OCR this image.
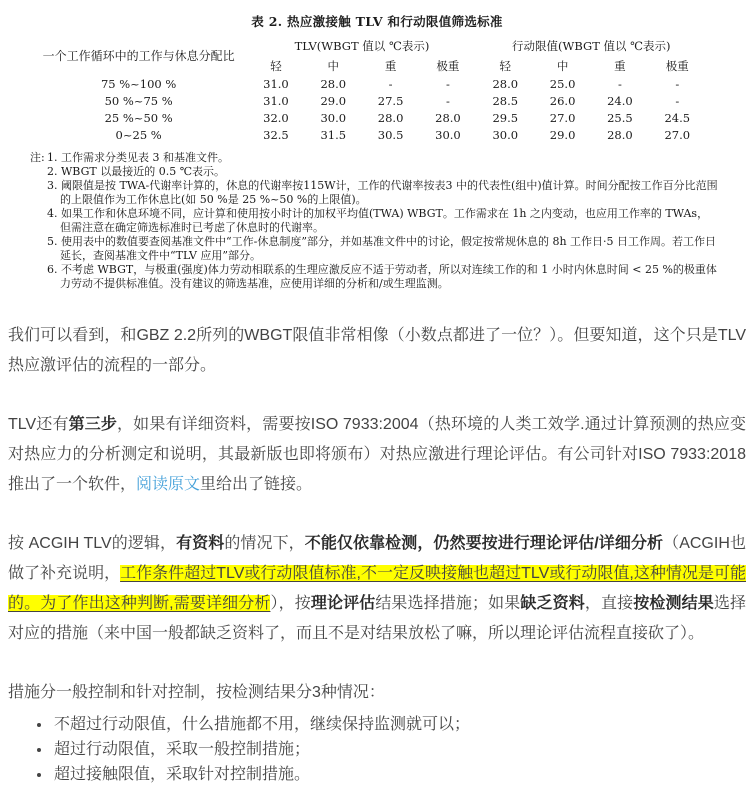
表 2. 热应激接触 TLV 和行动限值筛选标准
一个工作循环中的工作与休息分配比	TLV(WBGT 值以 ℃表示)				行动限值(WBGT 值以 ℃表示)			
	轻	中	重	极重	轻	中	重	极重
75 %~100 %	31.0	28.0	-	-	28.0	25.0	-	-
50 %~75 %	31.0	29.0	27.5	-	28.5	26.0	24.0	-
25 %~50 %	32.0	30.0	28.0	28.0	29.5	27.0	25.5	24.5
0~25 %	32.5	31.5	30.5	30.0	30.0	29.0	28.0	27.0
注: 1. 工作需求分类见表 3 和基准文件。
2. WBGT 以最接近的 0.5 ℃表示。
3. 阈限值是按 TWA-代谢率计算的，休息的代谢率按115W计，工作的代谢率按表3 中的代表性(组中)值计算。时间分配按工作百分比范围的上限值作为工作休息比(如 50 %是 25 %~50 %的上限值)。
4. 如果工作和休息环境不同，应计算和使用按小时计的加权平均值(TWA) WBGT。工作需求在 1h 之内变动，也应用工作率的 TWAs，但需注意在确定筛选标准时已考虑了休息时的代谢率。
5. 使用表中的数值要查阅基准文件中“工作-休息制度”部分，并如基准文件中的讨论，假定按常规休息的 8h 工作日·5 日工作周。若工作日延长，查阅基准文件中“TLV 应用”部分。
6. 不考虑 WBGT，与极重(强度)体力劳动相联系的生理应激反应不适于劳动者，所以对连续工作的和 1 小时内休息时间 < 25 %的极重体力劳动不提供标准值。没有建议的筛选基准，应使用详细的分析和/或生理监测。

我们可以看到，和GBZ 2.2所列的WBGT限值非常相像（小数点都进了一位？）。但要知道，这个只是TLV热应激评估的流程的一部分。

TLV还有第三步，如果有详细资料，需要按ISO 7933:2004（热环境的人类工效学.通过计算预测的热应变对热应力的分析测定和说明，其最新版也即将颁布）对热应激进行理论评估。有公司针对ISO 7933:2018推出了一个软件，阅读原文里给出了链接。

按 ACGIH TLV的逻辑，有资料的情况下，不能仅依靠检测，仍然要按进行理论评估/详细分析（ACGIH也做了补充说明，工作条件超过TLV或行动限值标准,不一定反映接触也超过TLV或行动限值,这种情况是可能的。为了作出这种判断,需要详细分析），按理论评估结果选择措施；如果缺乏资料，直接按检测结果选择对应的措施（来中国一般都缺乏资料了，而且不是对结果放松了嘛，所以理论评估流程直接砍了）。

措施分一般控制和针对控制，按检测结果分3种情况：

• 不超过行动限值，什么措施都不用，继续保持监测就可以；
• 超过行动限值，采取一般控制措施；
• 超过接触限值，采取针对控制措施。
